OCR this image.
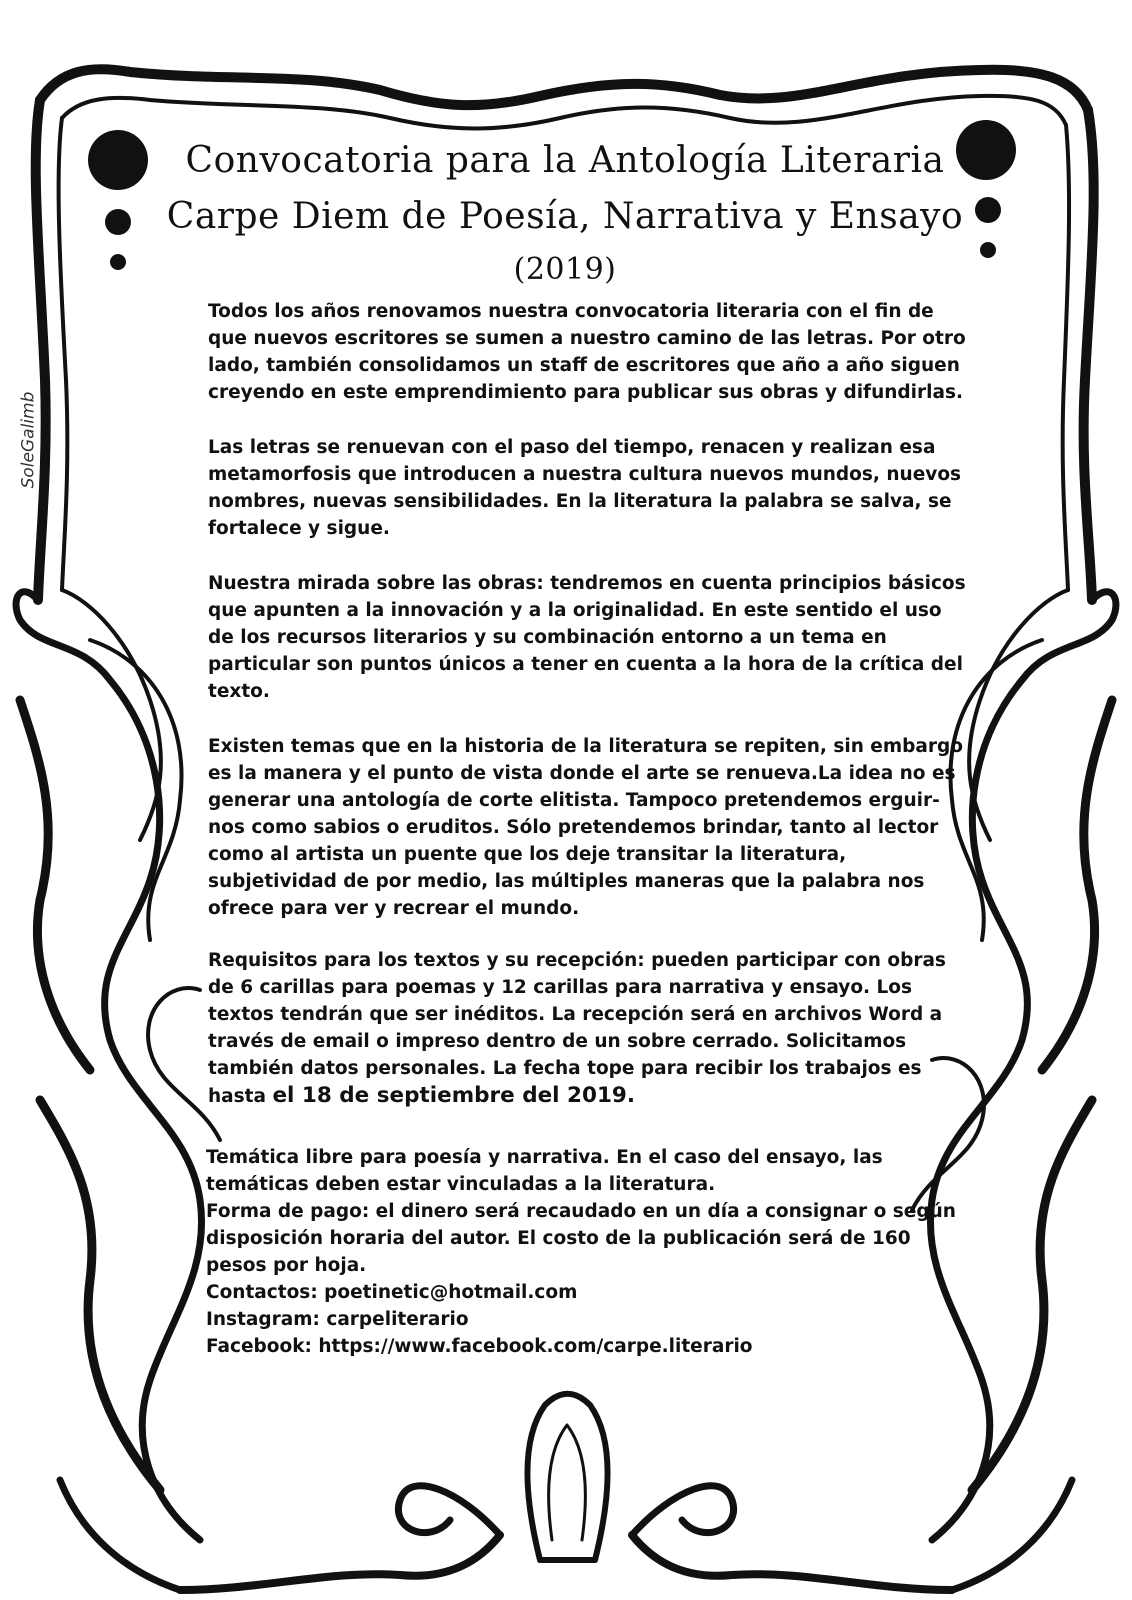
SoleGalimb
Convocatoria para la Antología Literaria
Carpe Diem de Poesía, Narrativa y Ensayo
(2019)

Todos los años renovamos nuestra convocatoria literaria con el fin de que nuevos escritores se sumen a nuestro camino de las letras. Por otro lado, también consolidamos un staff de escritores que año a año siguen creyendo en este emprendimiento para publicar sus obras y difundirlas.

Las letras se renuevan con el paso del tiempo, renacen y realizan esa metamorfosis que introducen a nuestra cultura nuevos mundos, nuevos nombres, nuevas sensibilidades. En la literatura la palabra se salva, se fortalece y sigue.

Nuestra mirada sobre las obras: tendremos en cuenta principios básicos que apunten a la innovación y a la originalidad. En este sentido el uso de los recursos literarios y su combinación entorno a un tema en particular son puntos únicos a tener en cuenta a la hora de la crítica del texto.

Existen temas que en la historia de la literatura se repiten, sin embargo es la manera y el punto de vista donde el arte se renueva.La idea no es generar una antología de corte elitista. Tampoco pretendemos erguir-nos como sabios o eruditos. Sólo pretendemos brindar, tanto al lector como al artista un puente que los deje transitar la literatura, subjetividad de por medio, las múltiples maneras que la palabra nos ofrece para ver y recrear el mundo.

Requisitos para los textos y su recepción: pueden participar con obras de 6 carillas para poemas y 12 carillas para narrativa y ensayo. Los textos tendrán que ser inéditos. La recepción será en archivos Word a través de email o impreso dentro de un sobre cerrado. Solicitamos también datos personales. La fecha tope para recibir los trabajos es hasta el 18 de septiembre del 2019.

Temática libre para poesía y narrativa. En el caso del ensayo, las temáticas deben estar vinculadas a la literatura.

Forma de pago: el dinero será recaudado en un día a consignar o según disposición horaria del autor. El costo de la publicación será de 160 pesos por hoja.

Contactos: poetinetic@hotmail.com

Instagram: carpeliterario

Facebook: https://www.facebook.com/carpe.literario
